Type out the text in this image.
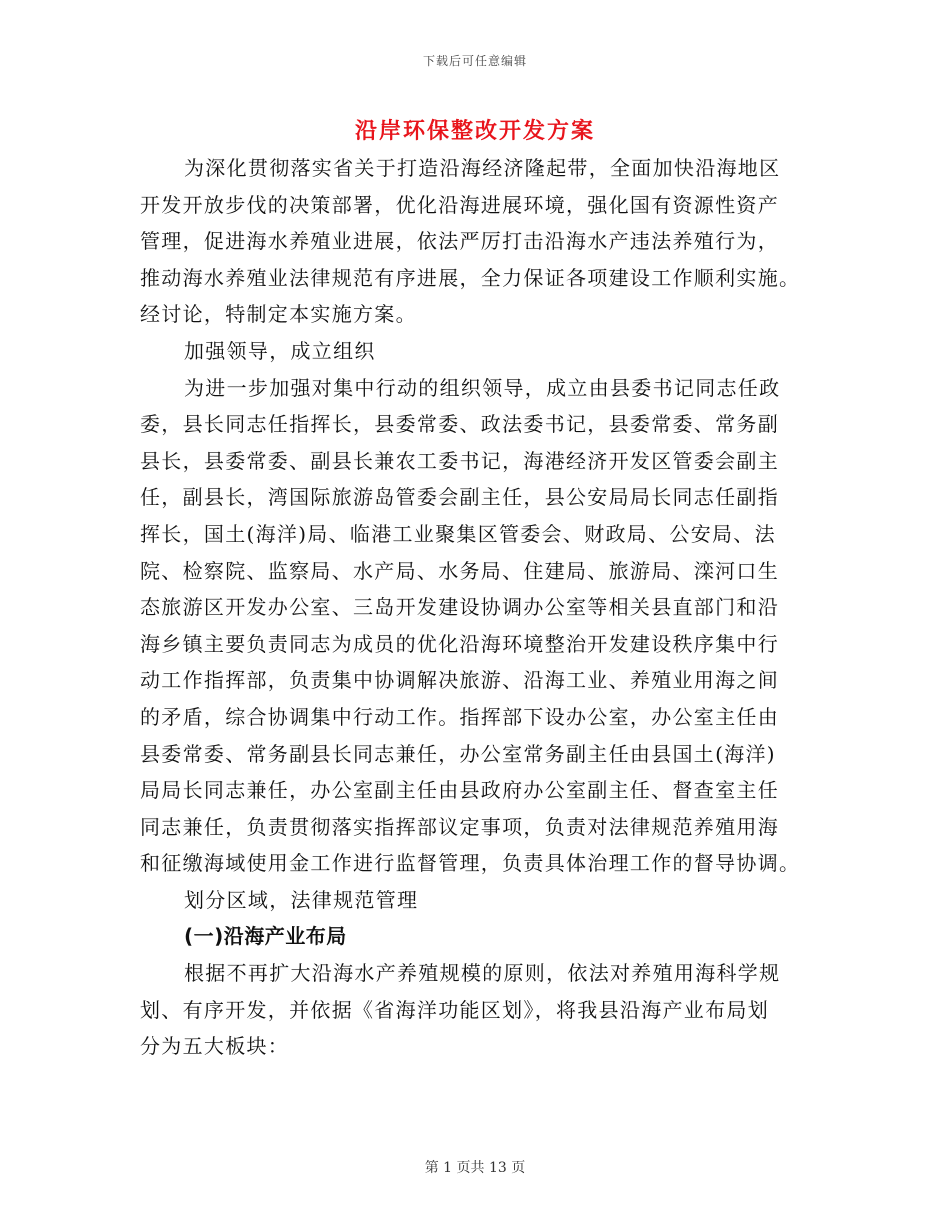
下载后可任意编辑
沿岸环保整改开发方案
为深化贯彻落实省关于打造沿海经济隆起带，全面加快沿海地区
开发开放步伐的决策部署，优化沿海进展环境，强化国有资源性资产
管理，促进海水养殖业进展，依法严厉打击沿海水产违法养殖行为，
推动海水养殖业法律规范有序进展，全力保证各项建设工作顺利实施。
经讨论，特制定本实施方案。
加强领导，成立组织
为进一步加强对集中行动的组织领导，成立由县委书记同志任政
委，县长同志任指挥长，县委常委、政法委书记，县委常委、常务副
县长，县委常委、副县长兼农工委书记，海港经济开发区管委会副主
任，副县长，湾国际旅游岛管委会副主任，县公安局局长同志任副指
挥长，国土(海洋)局、临港工业聚集区管委会、财政局、公安局、法
院、检察院、监察局、水产局、水务局、住建局、旅游局、滦河口生
态旅游区开发办公室、三岛开发建设协调办公室等相关县直部门和沿
海乡镇主要负责同志为成员的优化沿海环境整治开发建设秩序集中行
动工作指挥部，负责集中协调解决旅游、沿海工业、养殖业用海之间
的矛盾，综合协调集中行动工作。指挥部下设办公室，办公室主任由
县委常委、常务副县长同志兼任，办公室常务副主任由县国土(海洋)
局局长同志兼任，办公室副主任由县政府办公室副主任、督查室主任
同志兼任，负责贯彻落实指挥部议定事项，负责对法律规范养殖用海
和征缴海域使用金工作进行监督管理，负责具体治理工作的督导协调。
划分区域，法律规范管理
(一)沿海产业布局
根据不再扩大沿海水产养殖规模的原则，依法对养殖用海科学规
划、有序开发，并依据《省海洋功能区划》，将我县沿海产业布局划
分为五大板块：
第 1 页共 13 页
